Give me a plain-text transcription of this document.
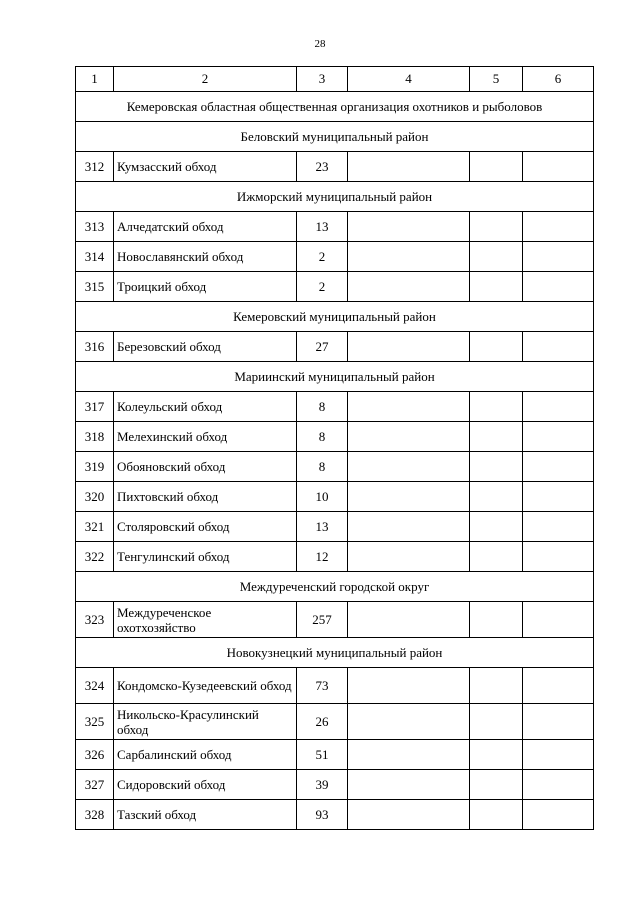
28
1	2	3	4	5	6
Кемеровская областная общественная организация охотников и рыболовов					
Беловский муниципальный район					
312	Кумзасский обход	23			
Ижморский муниципальный район					
313	Алчедатский обход	13			
314	Новославянский обход	2			
315	Троицкий обход	2			
Кемеровский муниципальный район					
316	Березовский обход	27			
Мариинский муниципальный район					
317	Колеульский обход	8			
318	Мелехинский обход	8			
319	Обояновский обход	8			
320	Пихтовский обход	10			
321	Столяровский обход	13			
322	Тенгулинский обход	12			
Междуреченский городской округ					
323	Междуреченское охотхозяйство	257			
Новокузнецкий муниципальный район					
324	Кондомско-Кузедеевский обход	73			
325	Никольско-Красулинский обход	26			
326	Сарбалинский обход	51			
327	Сидоровский обход	39			
328	Тазский обход	93			
